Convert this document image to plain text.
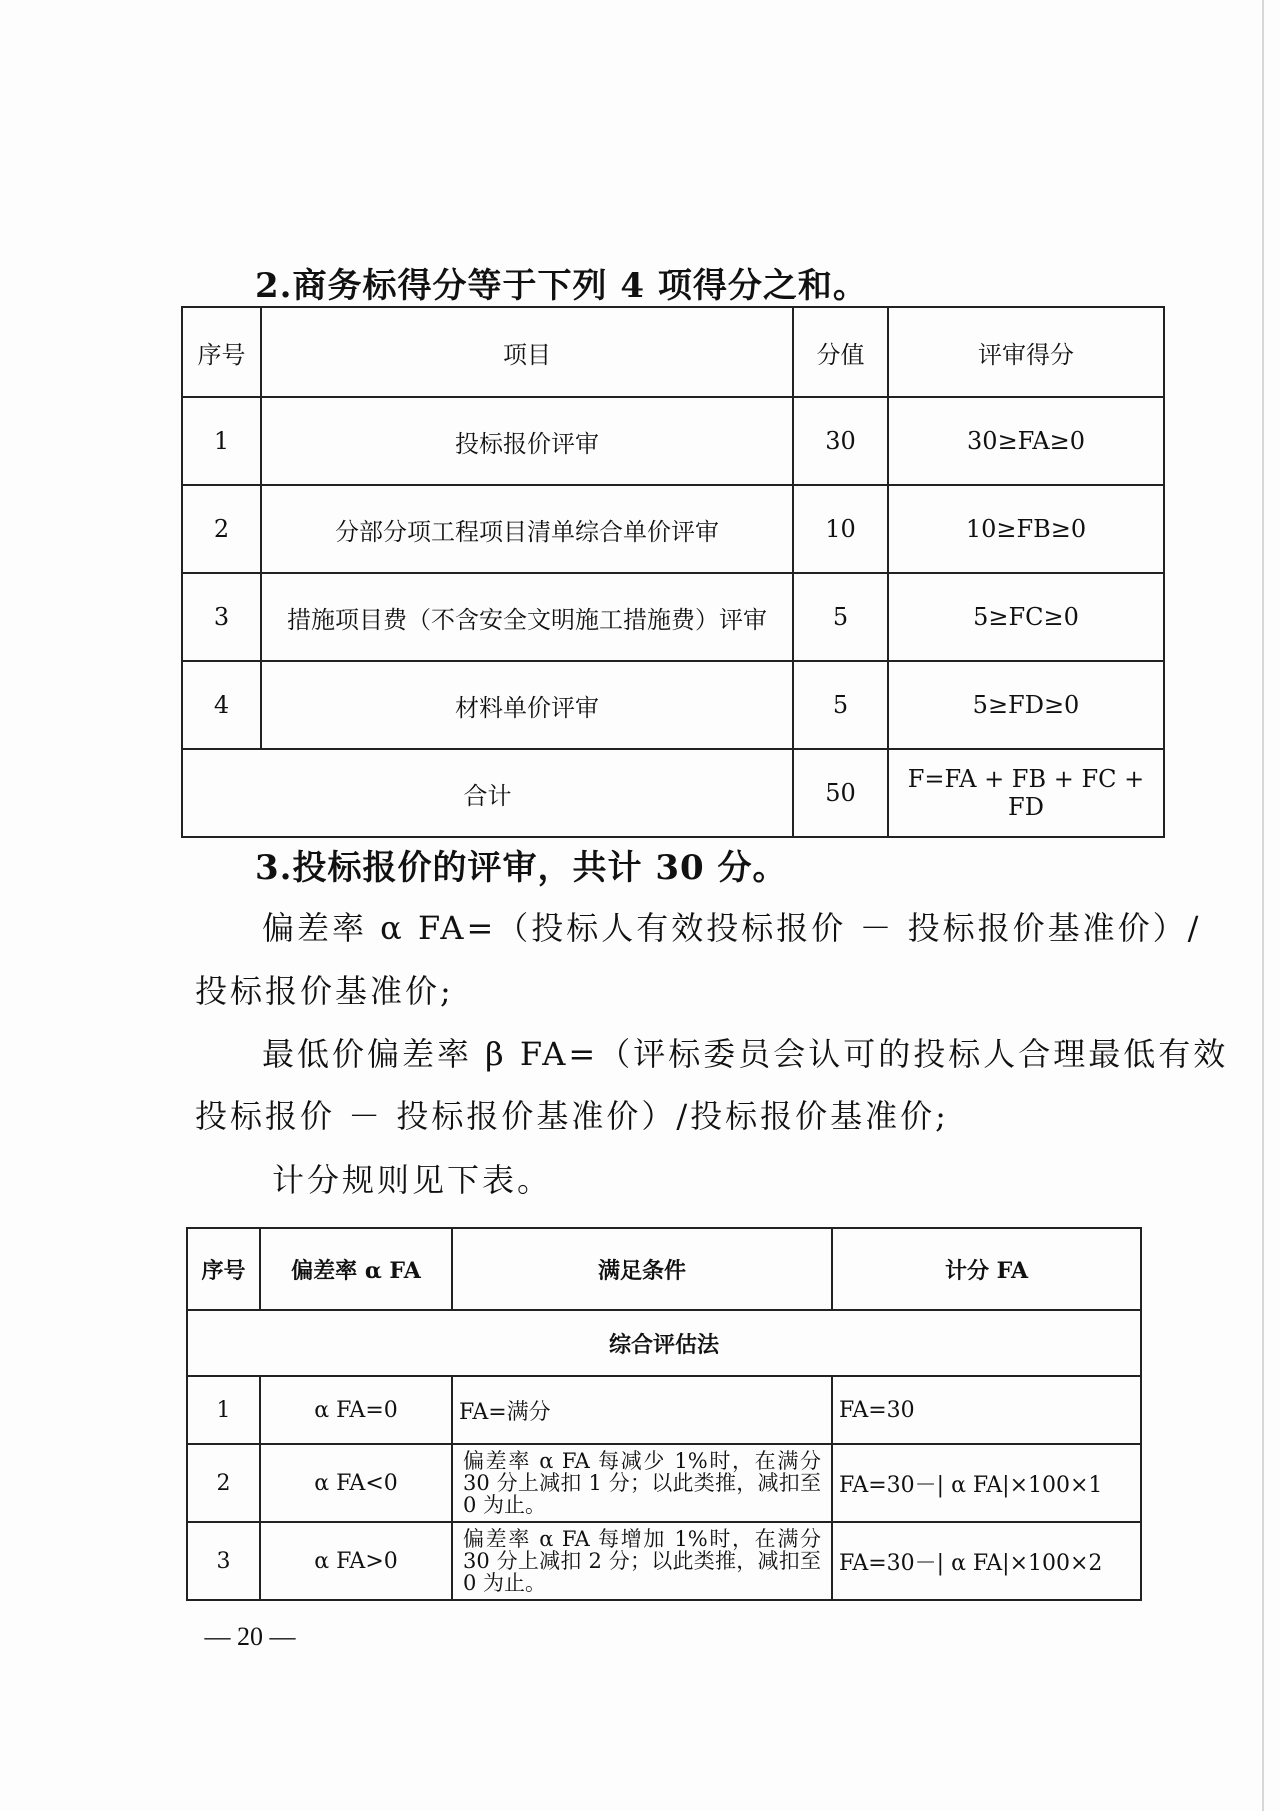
2.商务标得分等于下列 4 项得分之和。

序号	项目	分值	评审得分
1	投标报价评审	30	30≥FA≥0
2	分部分项工程项目清单综合单价评审	10	10≥FB≥0
3	措施项目费（不含安全文明施工措施费）评审	5	5≥FC≥0
4	材料单价评审	5	5≥FD≥0
合计		50	F=FA + FB + FC + FD

3.投标报价的评审，共计 30 分。

偏差率 α FA=（投标人有效投标报价 － 投标报价基准价）/

投标报价基准价;

最低价偏差率 β FA=（评标委员会认可的投标人合理最低有效

投标报价 － 投标报价基准价）/投标报价基准价;

计分规则见下表。

序号	偏差率 α FA	满足条件	计分 FA
综合评估法			
1	α FA=0	FA=满分	FA=30
2	α FA<0	偏差率 α FA 每减少 1%时，在满分 30 分上减扣 1 分；以此类推，减扣至 0 为止。	FA=30－| α FA|×100×1
3	α FA>0	偏差率 α FA 每增加 1%时，在满分 30 分上减扣 2 分；以此类推，减扣至 0 为止。	FA=30－| α FA|×100×2
— 20 —
